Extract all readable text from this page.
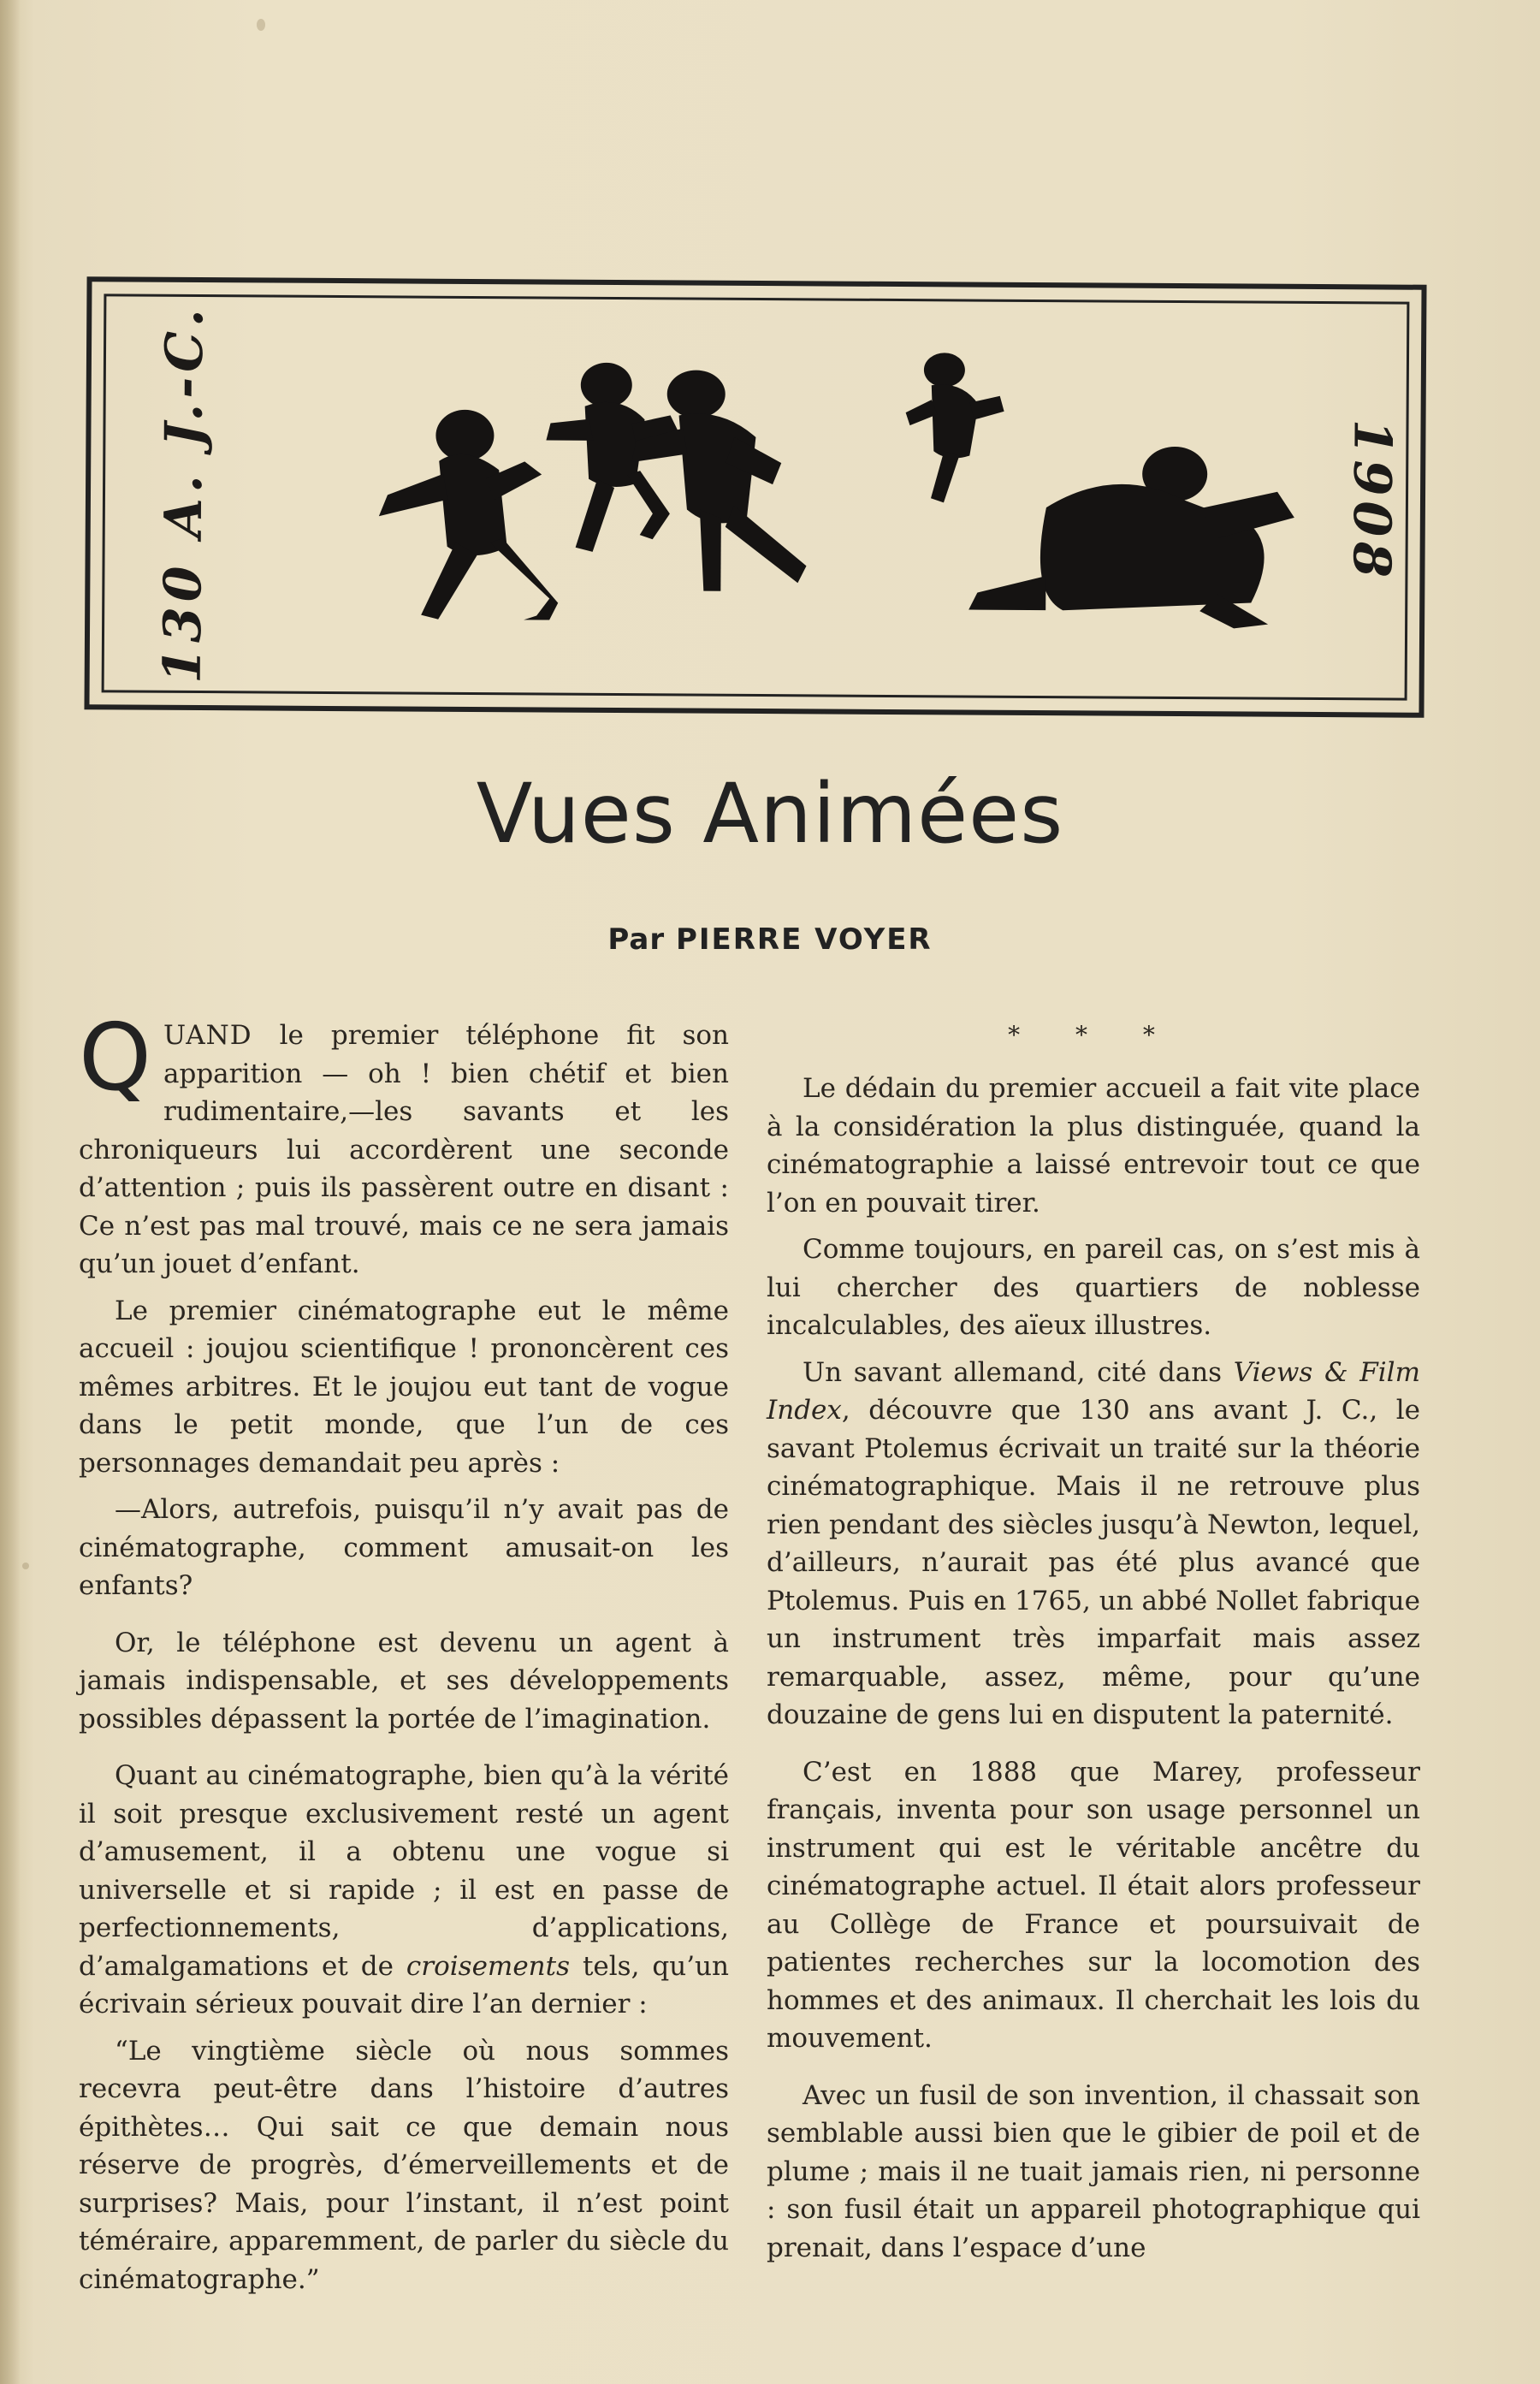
130 A. J.-C.	1908
Vues Animées
Par PIERRE VOYER

QUAND le premier téléphone fit son apparition — oh ! bien chétif et bien rudimentaire,—les savants et les chroniqueurs lui accordèrent une seconde d’attention ; puis ils passèrent outre en disant : Ce n’est pas mal trouvé, mais ce ne sera jamais qu’un jouet d’enfant.

Le premier cinématographe eut le même accueil : joujou scientifique ! prononcèrent ces mêmes arbitres. Et le joujou eut tant de vogue dans le petit monde, que l’un de ces personnages demandait peu après :

—Alors, autrefois, puisqu’il n’y avait pas de cinématographe, comment amusait-on les enfants?

Or, le téléphone est devenu un agent à jamais indispensable, et ses développements possibles dépassent la portée de l’imagination.

Quant au cinématographe, bien qu’à la vérité il soit presque exclusivement resté un agent d’amusement, il a obtenu une vogue si universelle et si rapide ; il est en passe de perfectionnements, d’applications, d’amalgamations et de croisements tels, qu’un écrivain sérieux pouvait dire l’an dernier :

“Le vingtième siècle où nous sommes recevra peut-être dans l’histoire d’autres épithètes… Qui sait ce que demain nous réserve de progrès, d’émerveillements et de surprises? Mais, pour l’instant, il n’est point téméraire, apparemment, de parler du siècle du cinématographe.”

* * *

Le dédain du premier accueil a fait vite place à la considération la plus distinguée, quand la cinématographie a laissé entrevoir tout ce que l’on en pouvait tirer.

Comme toujours, en pareil cas, on s’est mis à lui chercher des quartiers de noblesse incalculables, des aïeux illustres.

Un savant allemand, cité dans Views & Film Index, découvre que 130 ans avant J. C., le savant Ptolemus écrivait un traité sur la théorie cinématographique. Mais il ne retrouve plus rien pendant des siècles jusqu’à Newton, lequel, d’ailleurs, n’aurait pas été plus avancé que Ptolemus. Puis en 1765, un abbé Nollet fabrique un instrument très imparfait mais assez remarquable, assez, même, pour qu’une douzaine de gens lui en disputent la paternité.

C’est en 1888 que Marey, professeur français, inventa pour son usage personnel un instrument qui est le véritable ancêtre du cinématographe actuel. Il était alors professeur au Collège de France et poursuivait de patientes recherches sur la locomotion des hommes et des animaux. Il cherchait les lois du mouvement.

Avec un fusil de son invention, il chassait son semblable aussi bien que le gibier de poil et de plume ; mais il ne tuait jamais rien, ni personne : son fusil était un appareil photographique qui prenait, dans l’espace d’une
